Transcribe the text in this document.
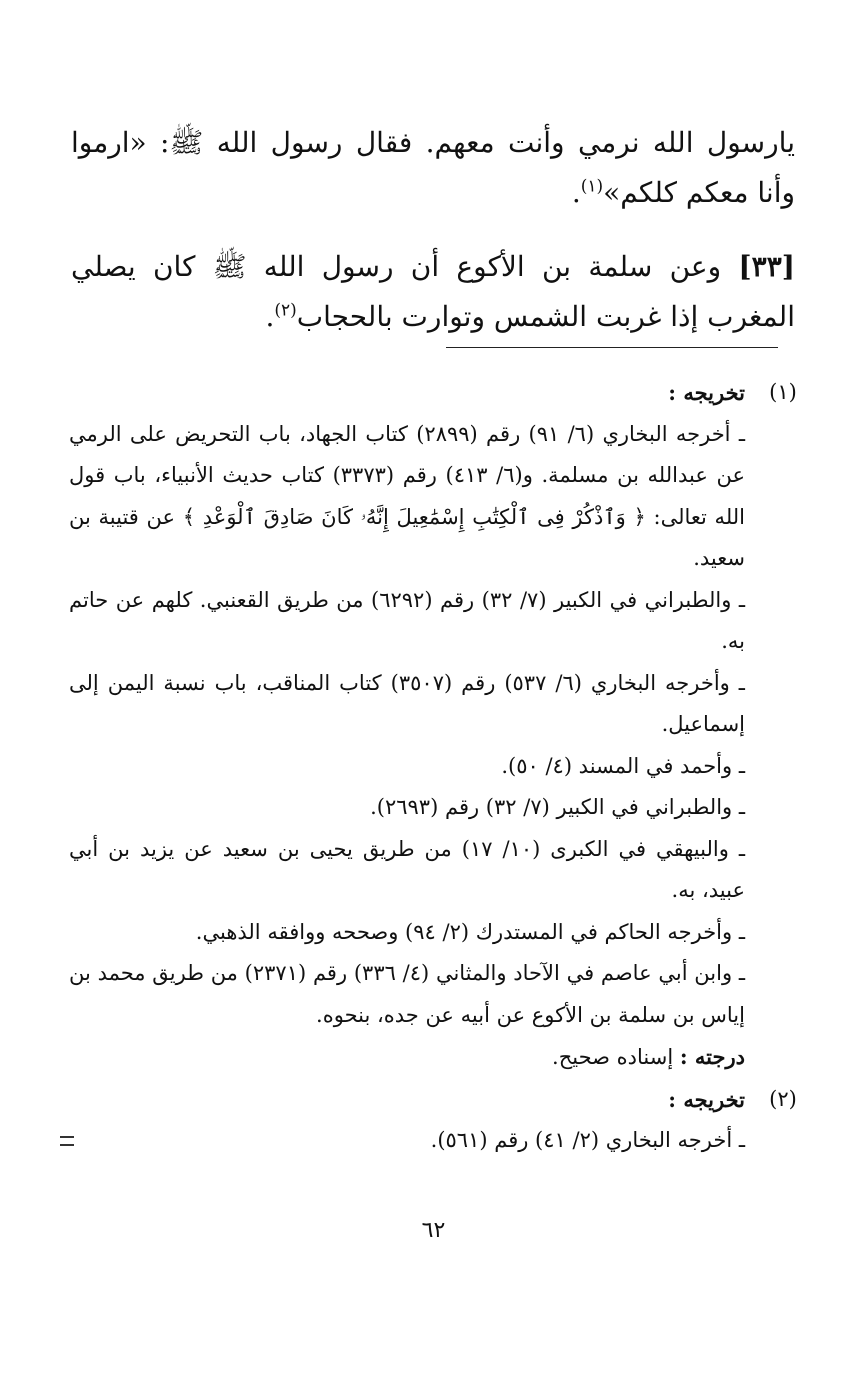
يارسول الله نرمي وأنت معهم. فقال رسول الله ﷺ: «ارموا وأنا معكم كلكم»$^{(١)}$.

[٣٣] وعن سلمة بن الأكوع أن رسول الله ﷺ كان يصلي المغرب إذا غربت الشمس وتوارت بالحجاب$^{(٢)}$.

(١)
تخريجه :

ـ أخرجه البخاري (٦/ ٩١) رقم (٢٨٩٩) كتاب الجهاد، باب التحريض على الرمي عن عبدالله بن مسلمة. و(٦/ ٤١٣) رقم (٣٣٧٣) كتاب حديث الأنبياء، باب قول الله تعالى: ﴿ وَٱذْكُرْ فِى ٱلْكِتَٰبِ إِسْمَٰعِيلَ إِنَّهُۥ كَانَ صَادِقَ ٱلْوَعْدِ ﴾ عن قتيبة بن سعيد.

ـ والطبراني في الكبير (٧/ ٣٢) رقم (٦٢٩٢) من طريق القعنبي. كلهم عن حاتم به.

ـ وأخرجه البخاري (٦/ ٥٣٧) رقم (٣٥٠٧) كتاب المناقب، باب نسبة اليمن إلى إسماعيل.

ـ وأحمد في المسند (٤/ ٥٠).

ـ والطبراني في الكبير (٧/ ٣٢) رقم (٢٦٩٣).

ـ والبيهقي في الكبرى (١٠/ ١٧) من طريق يحيى بن سعيد عن يزيد بن أبي عبيد، به.

ـ وأخرجه الحاكم في المستدرك (٢/ ٩٤) وصححه ووافقه الذهبي.

ـ وابن أبي عاصم في الآحاد والمثاني (٤/ ٣٣٦) رقم (٢٣٧١) من طريق محمد بن إياس بن سلمة بن الأكوع عن أبيه عن جده، بنحوه.

درجته : إسناده صحيح.

(٢)
تخريجه :

ـ أخرجه البخاري (٢/ ٤١) رقم (٥٦١).

٦٢
